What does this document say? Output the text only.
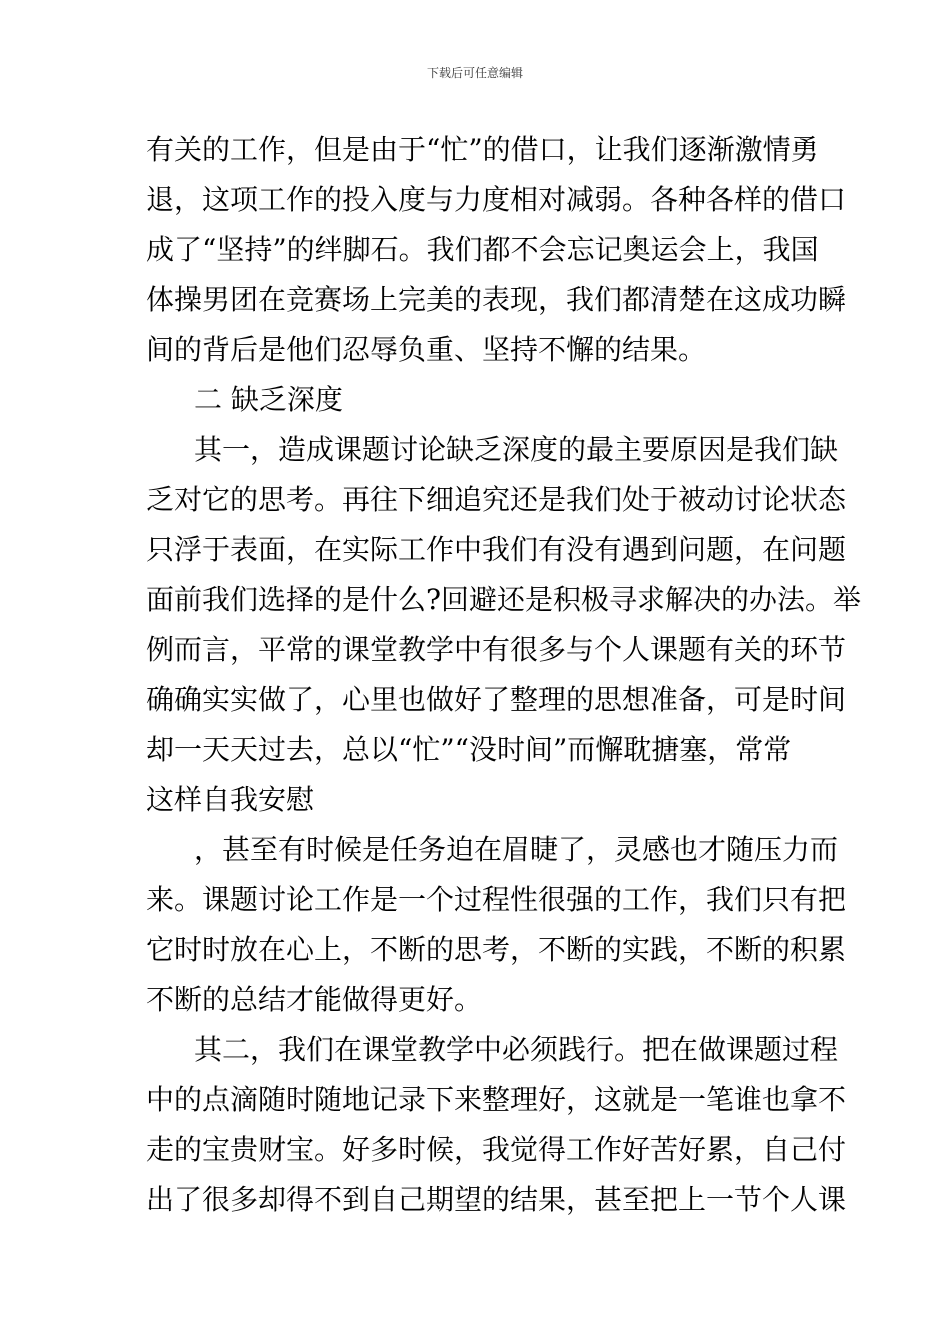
下载后可任意编辑
有关的工作，但是由于“忙”的借口，让我们逐渐激情勇
退，这项工作的投入度与力度相对减弱。各种各样的借口
成了“坚持”的绊脚石。我们都不会忘记奥运会上，我国
体操男团在竞赛场上完美的表现，我们都清楚在这成功瞬
间的背后是他们忍辱负重、坚持不懈的结果。
二 缺乏深度
其一，造成课题讨论缺乏深度的最主要原因是我们缺
乏对它的思考。再往下细追究还是我们处于被动讨论状态
只浮于表面，在实际工作中我们有没有遇到问题，在问题
面前我们选择的是什么?回避还是积极寻求解决的办法。举
例而言，平常的课堂教学中有很多与个人课题有关的环节
确确实实做了，心里也做好了整理的思想准备，可是时间
却一天天过去，总以“忙”“没时间”而懈耽搪塞，常常
这样自我安慰
，甚至有时候是任务迫在眉睫了，灵感也才随压力而
来。课题讨论工作是一个过程性很强的工作，我们只有把
它时时放在心上，不断的思考，不断的实践，不断的积累
不断的总结才能做得更好。
其二，我们在课堂教学中必须践行。把在做课题过程
中的点滴随时随地记录下来整理好，这就是一笔谁也拿不
走的宝贵财宝。好多时候，我觉得工作好苦好累，自己付
出了很多却得不到自己期望的结果，甚至把上一节个人课
